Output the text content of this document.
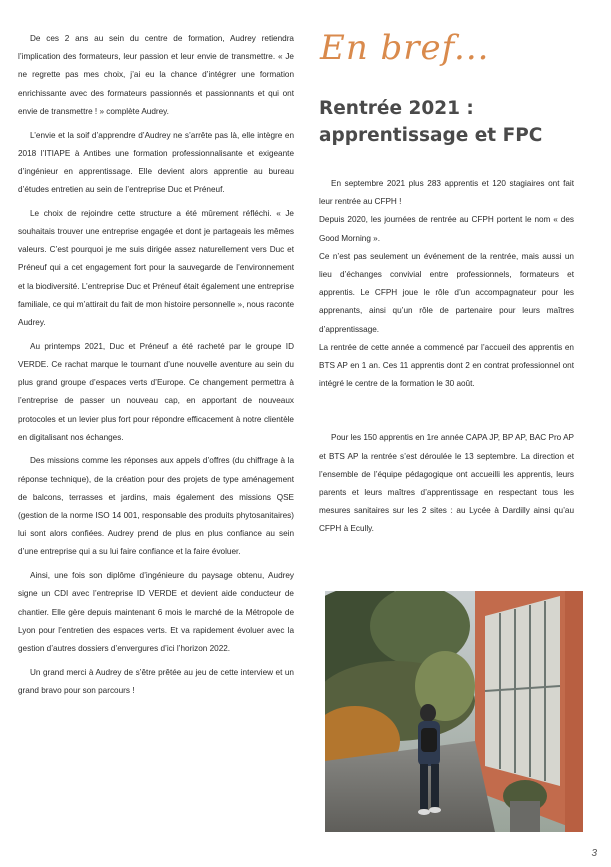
De ces 2 ans au sein du centre de formation, Audrey retiendra l’implication des formateurs, leur passion et leur envie de transmettre. « Je ne regrette pas mes choix, j’ai eu la chance d’intégrer une formation enrichissante avec des formateurs passionnés et passionnants et qui ont envie de transmettre ! » complète Audrey.

L’envie et la soif d’apprendre d’Audrey ne s’arrête pas là, elle intègre en 2018 l’ITIAPE à Antibes une formation professionnalisante et exigeante d’ingénieur en apprentissage. Elle devient alors apprentie au bureau d’études entretien au sein de l’entreprise Duc et Préneuf.

Le choix de rejoindre cette structure a été mûrement réfléchi. « Je souhaitais trouver une entreprise engagée et dont je partageais les mêmes valeurs. C’est pourquoi je me suis dirigée assez naturellement vers Duc et Préneuf qui a cet engagement fort pour la sauvegarde de l’environnement et la biodiversité. L’entreprise Duc et Préneuf était également une entreprise familiale, ce qui m’attirait du fait de mon histoire personnelle », nous raconte Audrey.

Au printemps 2021, Duc et Préneuf a été racheté par le groupe ID VERDE. Ce rachat marque le tournant d’une nouvelle aventure au sein du plus grand groupe d’espaces verts d’Europe. Ce changement permettra à l’entreprise de passer un nouveau cap, en apportant de nouveaux protocoles et un levier plus fort pour répondre efficacement à notre clientèle en digitalisant nos échanges.

Des missions comme les réponses aux appels d’offres (du chiffrage à la réponse technique), de la création pour des projets de type aménagement de balcons, terrasses et jardins, mais également des missions QSE (gestion de la norme ISO 14 001, responsable des produits phytosanitaires) lui sont alors confiées. Audrey prend de plus en plus confiance au sein d’une entreprise qui a su lui faire confiance et la faire évoluer.

Ainsi, une fois son diplôme d’ingénieure du paysage obtenu, Audrey signe un CDI avec l’entreprise ID VERDE et devient aide conducteur de chantier. Elle gère depuis maintenant 6 mois le marché de la Métropole de Lyon pour l’entretien des espaces verts. Et va rapidement évoluer avec la gestion d’autres dossiers d’envergures d’ici l’horizon 2022.

Un grand merci à Audrey de s’être prêtée au jeu de cette interview et un grand bravo pour son parcours !

En bref...
Rentrée 2021 : apprentissage et FPC

En septembre 2021 plus 283 apprentis et 120 stagiaires ont fait leur rentrée au CFPH !

Depuis 2020, les journées de rentrée au CFPH portent le nom « des Good Morning ».

Ce n’est pas seulement un événement de la rentrée, mais aussi un lieu d’échanges convivial entre professionnels, formateurs et apprentis. Le CFPH joue le rôle d’un accompagnateur pour les apprenants, ainsi qu’un rôle de partenaire pour leurs maîtres d’apprentissage.

La rentrée de cette année a commencé par l’accueil des apprentis en BTS AP en 1 an. Ces 11 apprentis dont 2 en contrat professionnel ont intégré le centre de la formation le 30 août.

Pour les 150 apprentis en 1re année CAPA JP, BP AP, BAC Pro AP et BTS AP la rentrée s’est déroulée le 13 septembre. La direction et l’ensemble de l’équipe pédagogique ont accueilli les apprentis, leurs parents et leurs maîtres d’apprentissage en respectant tous les mesures sanitaires sur les 2 sites : au Lycée à Dardilly ainsi qu’au CFPH à Ecully.

3
